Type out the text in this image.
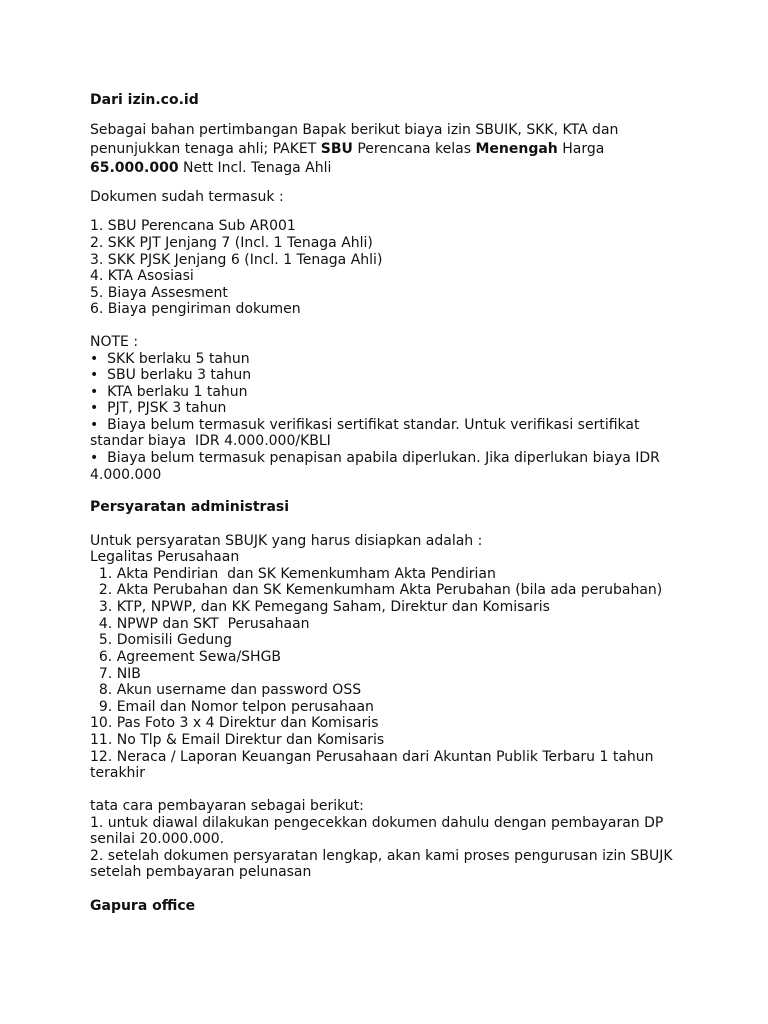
Dari izin.co.id
Sebagai bahan pertimbangan Bapak berikut biaya izin SBUIK, SKK, KTA dan
penunjukkan tenaga ahli; PAKET SBU Perencana kelas Menengah Harga
65.000.000 Nett Incl. Tenaga Ahli
Dokumen sudah termasuk :
1. SBU Perencana Sub AR001
2. SKK PJT Jenjang 7 (Incl. 1 Tenaga Ahli)
3. SKK PJSK Jenjang 6 (Incl. 1 Tenaga Ahli)
4. KTA Asosiasi
5. Biaya Assesment
6. Biaya pengiriman dokumen
NOTE :
•  SKK berlaku 5 tahun
•  SBU berlaku 3 tahun
•  KTA berlaku 1 tahun
•  PJT, PJSK 3 tahun
•  Biaya belum termasuk verifikasi sertifikat standar. Untuk verifikasi sertifikat
standar biaya  IDR 4.000.000/KBLI
•  Biaya belum termasuk penapisan apabila diperlukan. Jika diperlukan biaya IDR
4.000.000
Persyaratan administrasi
Untuk persyaratan SBUJK yang harus disiapkan adalah :
Legalitas Perusahaan
1. Akta Pendirian  dan SK Kemenkumham Akta Pendirian
2. Akta Perubahan dan SK Kemenkumham Akta Perubahan (bila ada perubahan)
3. KTP, NPWP, dan KK Pemegang Saham, Direktur dan Komisaris
4. NPWP dan SKT  Perusahaan
5. Domisili Gedung
6. Agreement Sewa/SHGB
7. NIB
8. Akun username dan password OSS
9. Email dan Nomor telpon perusahaan
10. Pas Foto 3 x 4 Direktur dan Komisaris
11. No Tlp & Email Direktur dan Komisaris
12. Neraca / Laporan Keuangan Perusahaan dari Akuntan Publik Terbaru 1 tahun
terakhir
tata cara pembayaran sebagai berikut:
1. untuk diawal dilakukan pengecekkan dokumen dahulu dengan pembayaran DP
senilai 20.000.000.
2. setelah dokumen persyaratan lengkap, akan kami proses pengurusan izin SBUJK
setelah pembayaran pelunasan
Gapura office
